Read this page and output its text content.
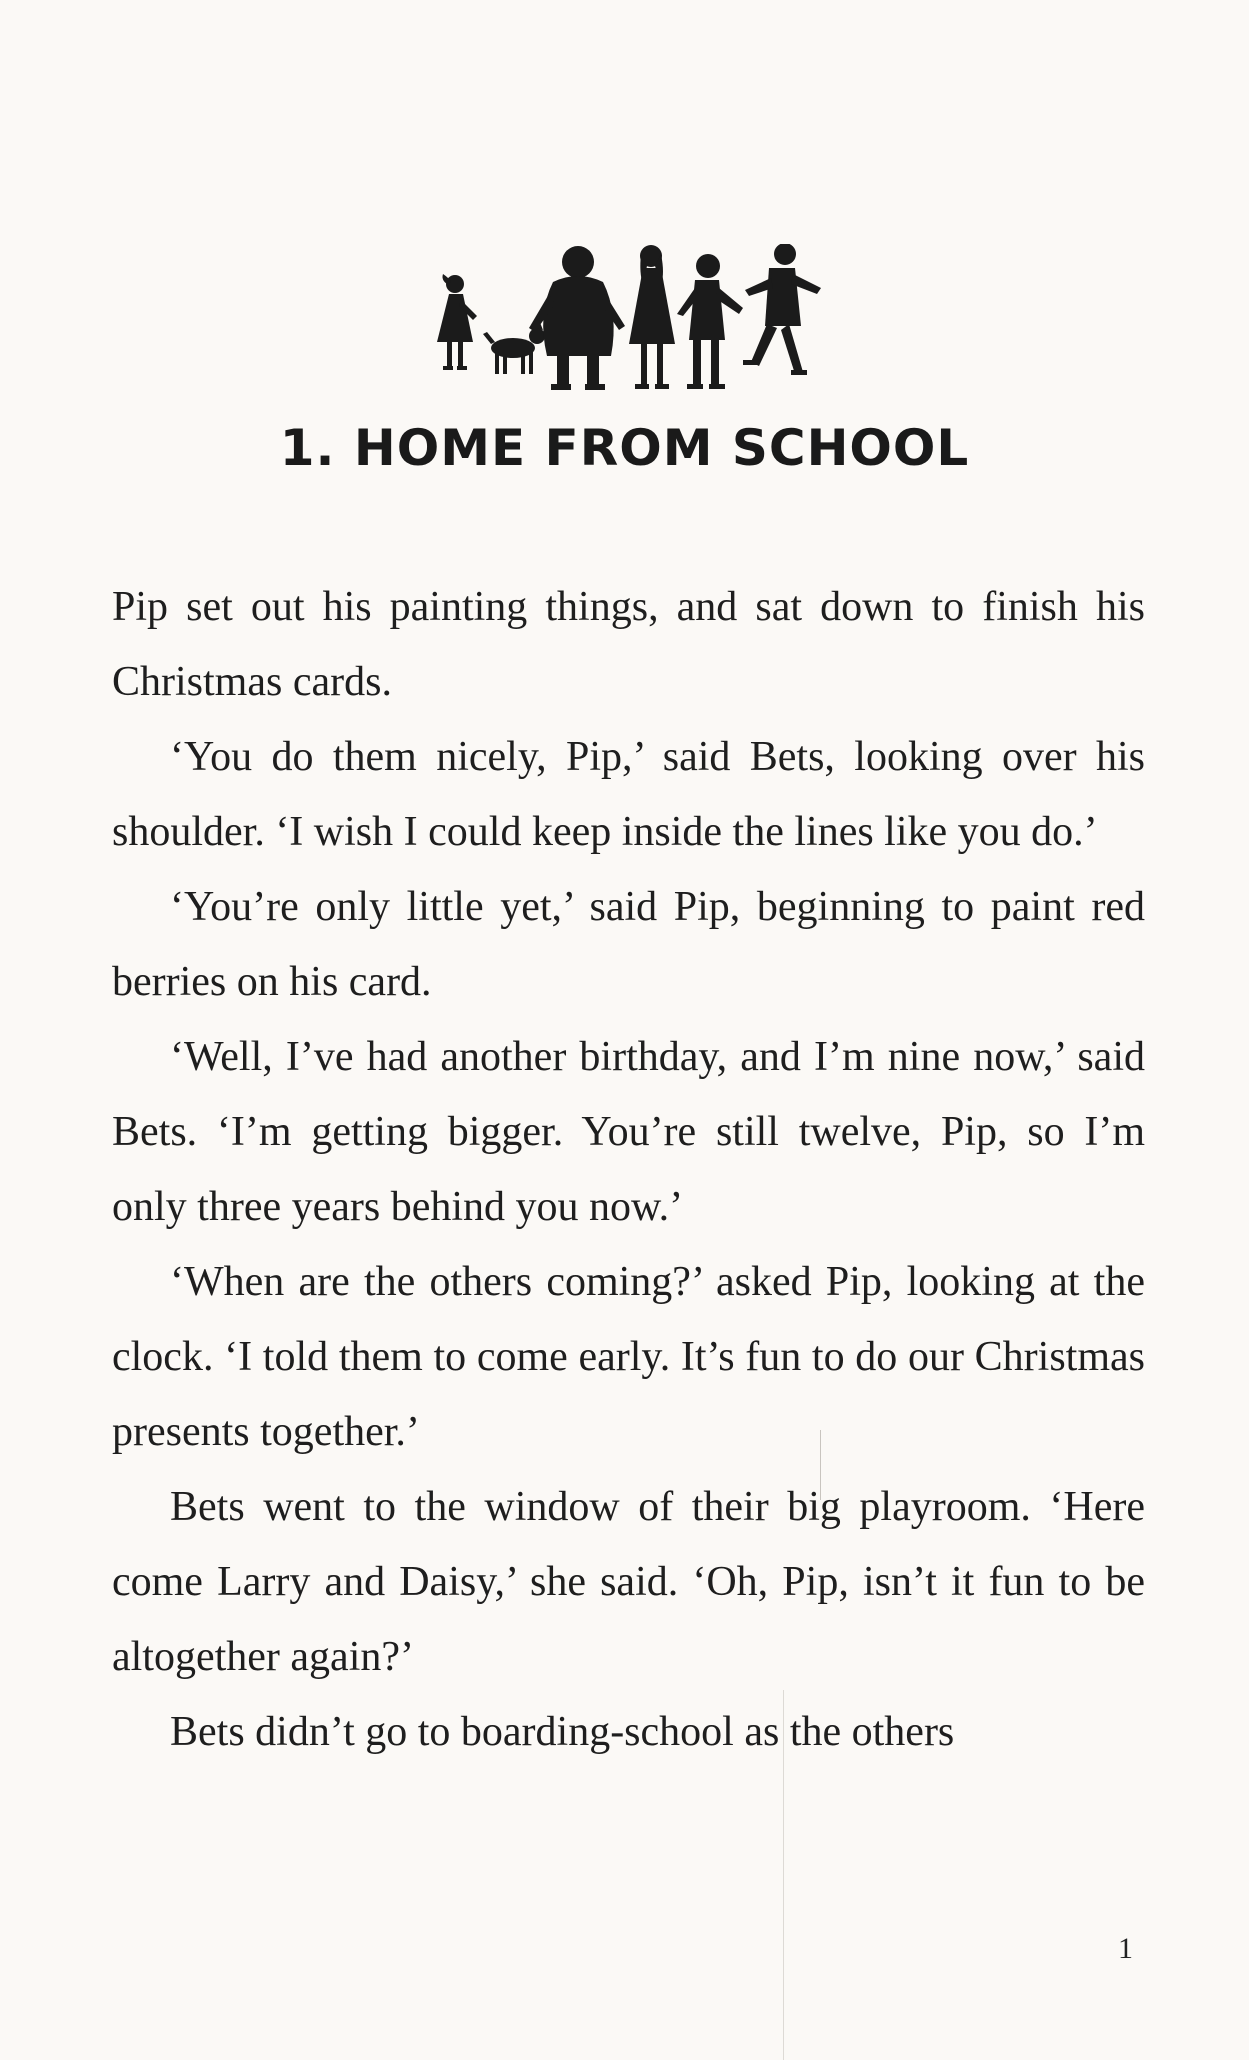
1. HOME FROM SCHOOL

Pip set out his painting things, and sat down to finish his Christmas cards.

‘You do them nicely, Pip,’ said Bets, looking over his shoulder. ‘I wish I could keep inside the lines like you do.’

‘You’re only little yet,’ said Pip, beginning to paint red berries on his card.

‘Well, I’ve had another birthday, and I’m nine now,’ said Bets. ‘I’m getting bigger. You’re still twelve, Pip, so I’m only three years behind you now.’

‘When are the others coming?’ asked Pip, looking at the clock. ‘I told them to come early. It’s fun to do our Christmas presents together.’

Bets went to the window of their big playroom. ‘Here come Larry and Daisy,’ she said. ‘Oh, Pip, isn’t it fun to be altogether again?’

Bets didn’t go to boarding-school as the others

1
